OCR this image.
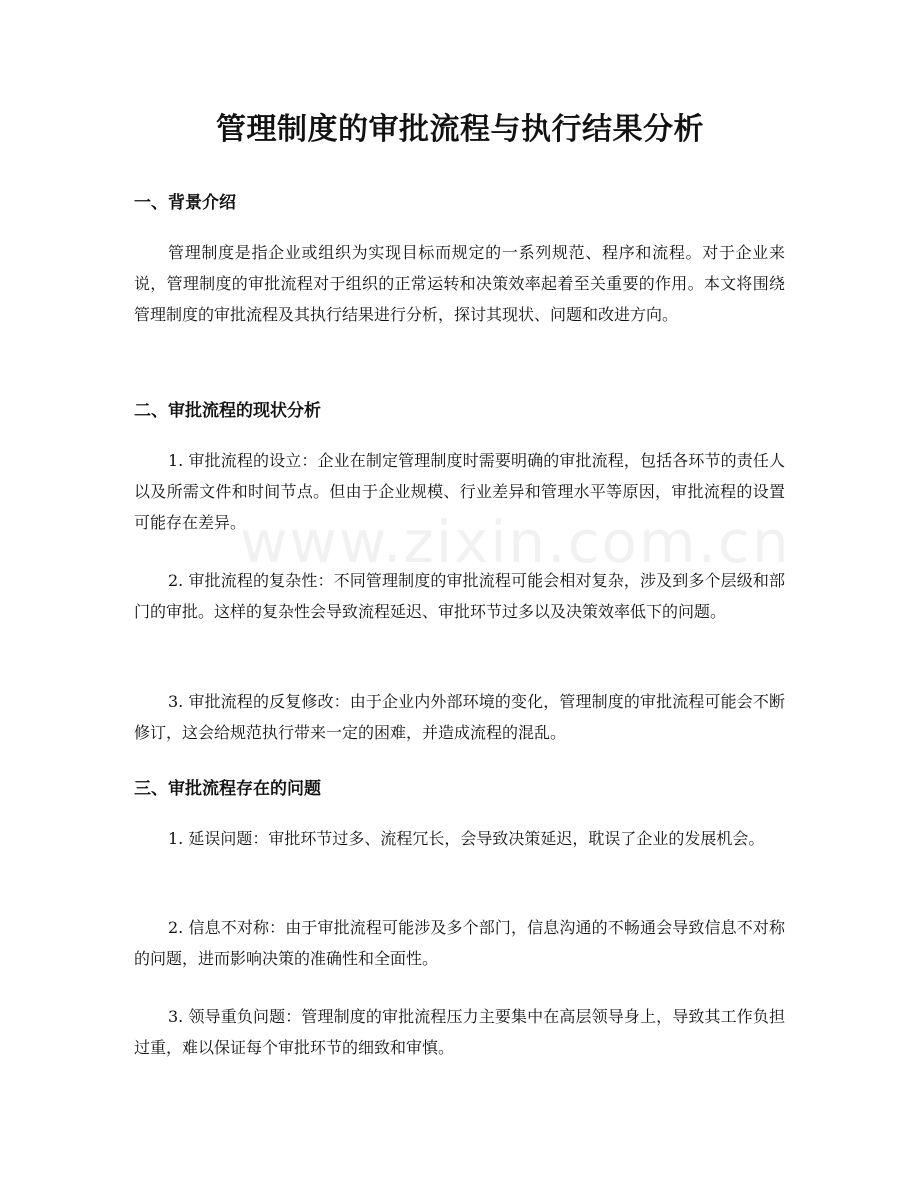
www.zixin.com.cn
管理制度的审批流程与执行结果分析
一、背景介绍

管理制度是指企业或组织为实现目标而规定的一系列规范、程序和流程。对于企业来说，管理制度的审批流程对于组织的正常运转和决策效率起着至关重要的作用。本文将围绕管理制度的审批流程及其执行结果进行分析，探讨其现状、问题和改进方向。

二、审批流程的现状分析

1. 审批流程的设立：企业在制定管理制度时需要明确的审批流程，包括各环节的责任人以及所需文件和时间节点。但由于企业规模、行业差异和管理水平等原因，审批流程的设置可能存在差异。

2. 审批流程的复杂性：不同管理制度的审批流程可能会相对复杂，涉及到多个层级和部门的审批。这样的复杂性会导致流程延迟、审批环节过多以及决策效率低下的问题。

3. 审批流程的反复修改：由于企业内外部环境的变化，管理制度的审批流程可能会不断修订，这会给规范执行带来一定的困难，并造成流程的混乱。

三、审批流程存在的问题

1. 延误问题：审批环节过多、流程冗长，会导致决策延迟，耽误了企业的发展机会。

2. 信息不对称：由于审批流程可能涉及多个部门，信息沟通的不畅通会导致信息不对称的问题，进而影响决策的准确性和全面性。

3. 领导重负问题：管理制度的审批流程压力主要集中在高层领导身上，导致其工作负担过重，难以保证每个审批环节的细致和审慎。
